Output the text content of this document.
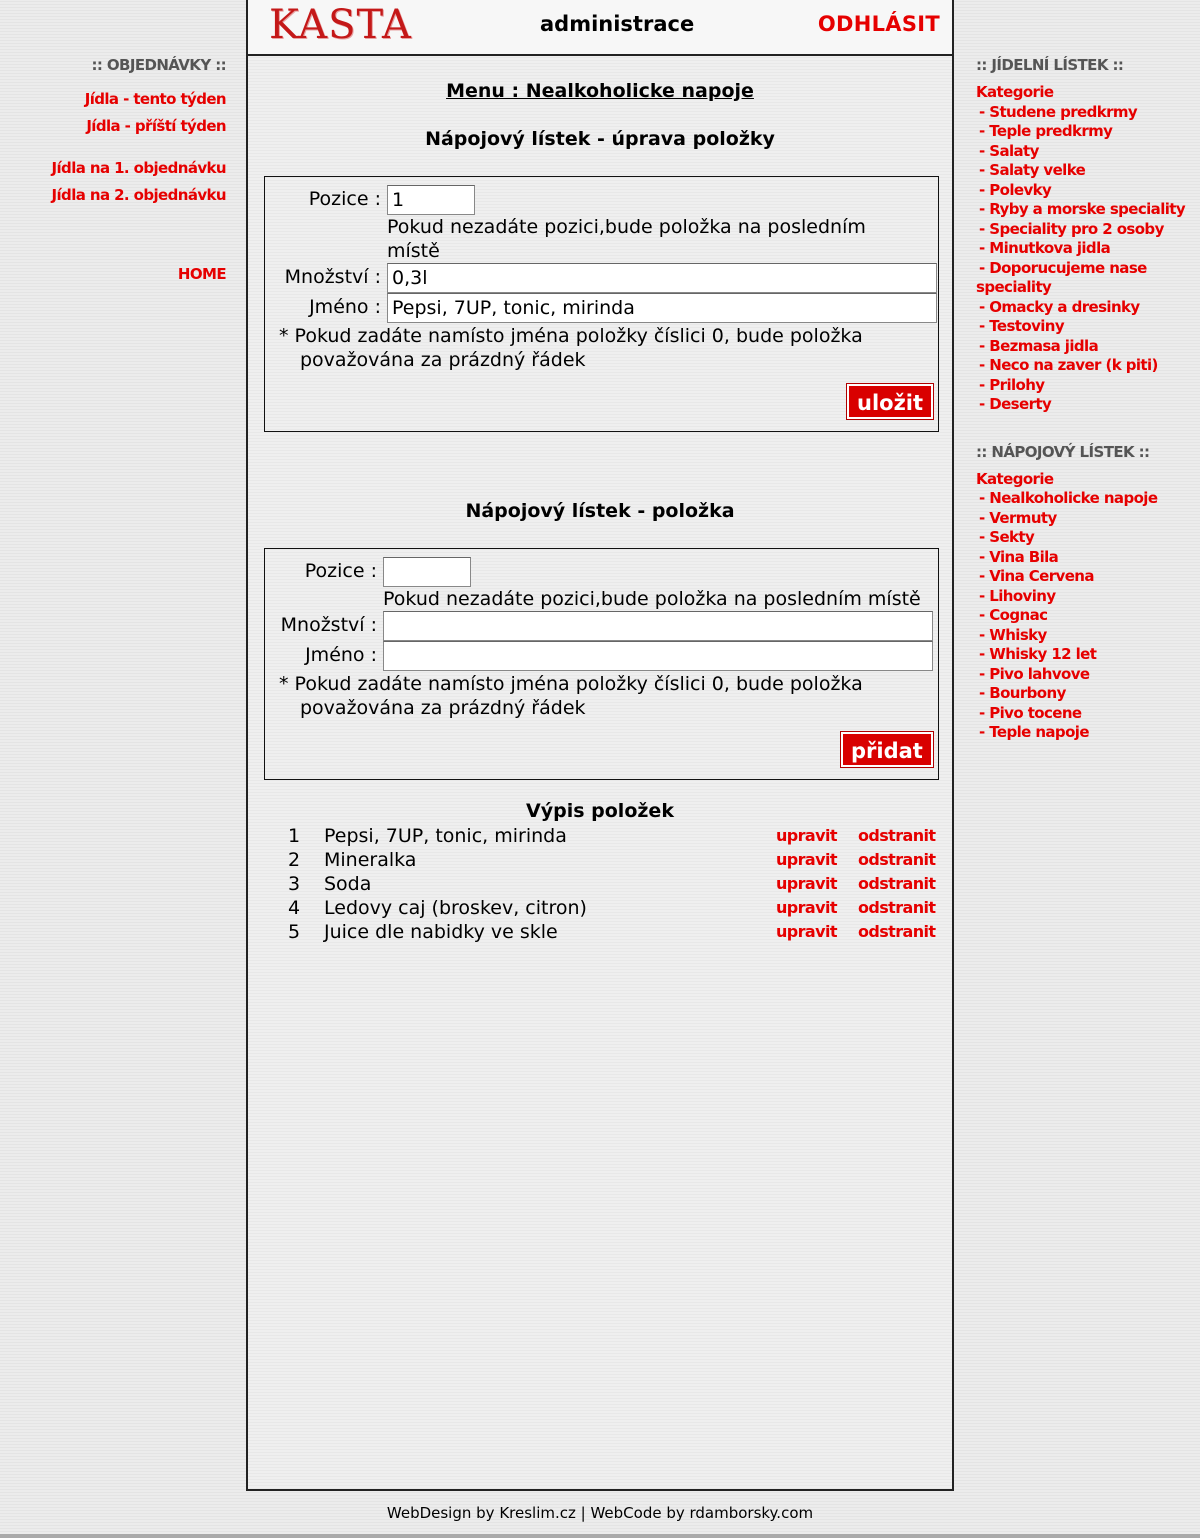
:: OBJEDNÁVKY ::
Jídla - tento týden
Jídla - příští týden
Jídla na 1. objednávku
Jídla na 2. objednávku
HOME
KASTA	administrace	ODHLÁSIT
Menu : Nealkoholicke napoje
Nápojový lístek - úprava položky
Pozice : 1
Pokud nezadáte pozici,bude položka na posledním místě
Množství : 0,3l
Jméno : Pepsi, 7UP, tonic, mirinda
* Pokud zadáte namísto jména položky číslici 0, bude položka
považována za prázdný řádek
uložit
Nápojový lístek - položka
Pozice :
Pokud nezadáte pozici,bude položka na posledním místě
Množství :
Jméno :
* Pokud zadáte namísto jména položky číslici 0, bude položka
považována za prázdný řádek
přidat
Výpis položek
1 Pepsi, 7UP, tonic, mirinda	upravit odstranit
2 Mineralka	upravit odstranit
3 Soda	upravit odstranit
4 Ledovy caj (broskev, citron)	upravit odstranit
5 Juice dle nabidky ve skle	upravit odstranit
:: JÍDELNÍ LÍSTEK ::
Kategorie
- Studene predkrmy
- Teple predkrmy
- Salaty
- Salaty velke
- Polevky
- Ryby a morske speciality
- Speciality pro 2 osoby
- Minutkova jidla
- Doporucujeme nase speciality
- Omacky a dresinky
- Testoviny
- Bezmasa jidla
- Neco na zaver (k piti)
- Prilohy
- Deserty
:: NÁPOJOVÝ LÍSTEK ::
Kategorie
- Nealkoholicke napoje
- Vermuty
- Sekty
- Vina Bila
- Vina Cervena
- Lihoviny
- Cognac
- Whisky
- Whisky 12 let
- Pivo lahvove
- Bourbony
- Pivo tocene
- Teple napoje
WebDesign by Kreslim.cz | WebCode by rdamborsky.com
